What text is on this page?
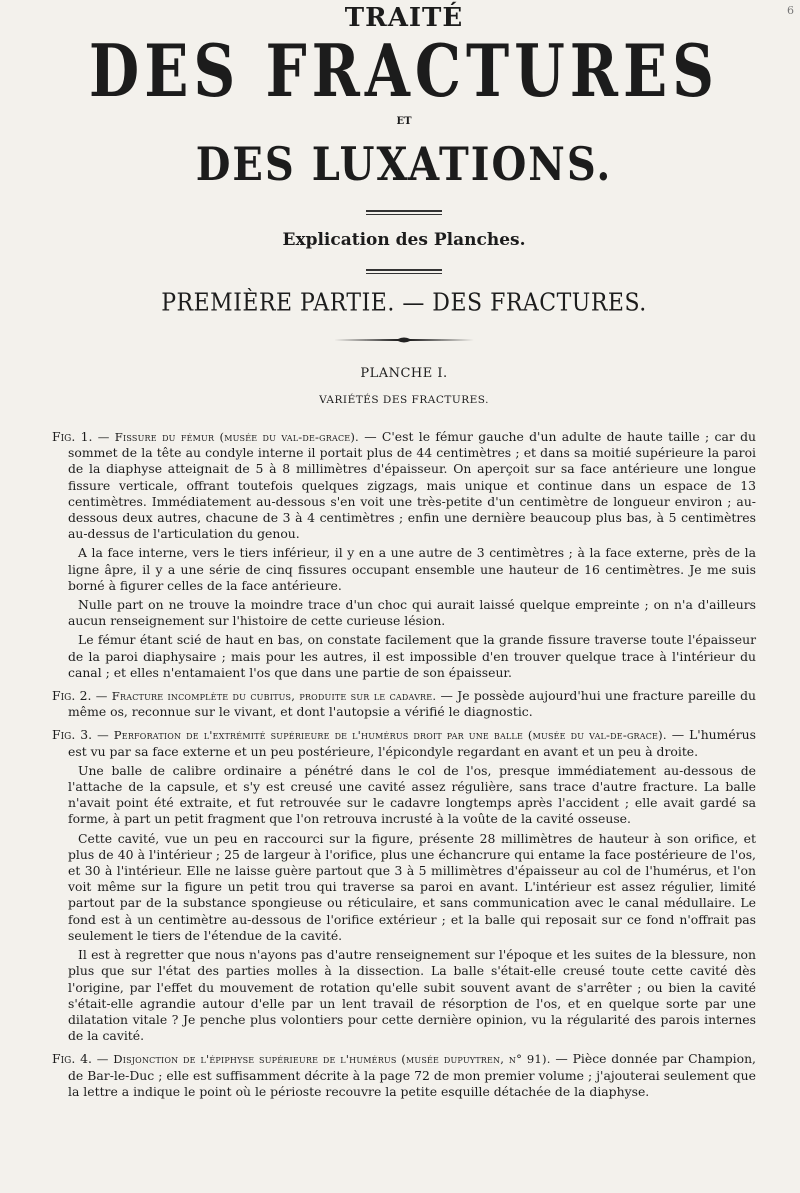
6
TRAITÉ
DES FRACTURES
ET
DES LUXATIONS.
Explication des Planches.
PREMIÈRE PARTIE. — DES FRACTURES.
PLANCHE I.
VARIÉTÉS DES FRACTURES.

Fig. 1. — Fissure du fémur (musée du val-de-grace). — C'est le fémur gauche d'un adulte de haute taille ; car du sommet de la tête au condyle interne il portait plus de 44 centimètres ; et dans sa moitié supérieure la paroi de la diaphyse atteignait de 5 à 8 millimètres d'épaisseur. On aperçoit sur sa face antérieure une longue fissure verticale, offrant toutefois quelques zigzags, mais unique et continue dans un espace de 13 centimètres. Immédiatement au-dessous s'en voit une très-petite d'un centimètre de longueur environ ; au-dessous deux autres, chacune de 3 à 4 centimètres ; enfin une dernière beaucoup plus bas, à 5 centimètres au-dessus de l'articulation du genou.

A la face interne, vers le tiers inférieur, il y en a une autre de 3 centimètres ; à la face externe, près de la ligne âpre, il y a une série de cinq fissures occupant ensemble une hauteur de 16 centimètres. Je me suis borné à figurer celles de la face antérieure.

Nulle part on ne trouve la moindre trace d'un choc qui aurait laissé quelque empreinte ; on n'a d'ailleurs aucun renseignement sur l'histoire de cette curieuse lésion.

Le fémur étant scié de haut en bas, on constate facilement que la grande fissure traverse toute l'épaisseur de la paroi diaphysaire ; mais pour les autres, il est impossible d'en trouver quelque trace à l'intérieur du canal ; et elles n'entamaient l'os que dans une partie de son épaisseur.

Fig. 2. — Fracture incomplète du cubitus, produite sur le cadavre. — Je possède aujourd'hui une fracture pareille du même os, reconnue sur le vivant, et dont l'autopsie a vérifié le diagnostic.

Fig. 3. — Perforation de l'extrémité supérieure de l'humérus droit par une balle (musée du val-de-grace). — L'humérus est vu par sa face externe et un peu postérieure, l'épicondyle regardant en avant et un peu à droite.

Une balle de calibre ordinaire a pénétré dans le col de l'os, presque immédiatement au-dessous de l'attache de la capsule, et s'y est creusé une cavité assez régulière, sans trace d'autre fracture. La balle n'avait point été extraite, et fut retrouvée sur le cadavre longtemps après l'accident ; elle avait gardé sa forme, à part un petit fragment que l'on retrouva incrusté à la voûte de la cavité osseuse.

Cette cavité, vue un peu en raccourci sur la figure, présente 28 millimètres de hauteur à son orifice, et plus de 40 à l'intérieur ; 25 de largeur à l'orifice, plus une échancrure qui entame la face postérieure de l'os, et 30 à l'intérieur. Elle ne laisse guère partout que 3 à 5 millimètres d'épaisseur au col de l'humérus, et l'on voit même sur la figure un petit trou qui traverse sa paroi en avant. L'intérieur est assez régulier, limité partout par de la substance spongieuse ou réticulaire, et sans communication avec le canal médullaire. Le fond est à un centimètre au-dessous de l'orifice extérieur ; et la balle qui reposait sur ce fond n'offrait pas seulement le tiers de l'étendue de la cavité.

Il est à regretter que nous n'ayons pas d'autre renseignement sur l'époque et les suites de la blessure, non plus que sur l'état des parties molles à la dissection. La balle s'était-elle creusé toute cette cavité dès l'origine, par l'effet du mouvement de rotation qu'elle subit souvent avant de s'arrêter ; ou bien la cavité s'était-elle agrandie autour d'elle par un lent travail de résorption de l'os, et en quelque sorte par une dilatation vitale ? Je penche plus volontiers pour cette dernière opinion, vu la régularité des parois internes de la cavité.

Fig. 4. — Disjonction de l'épiphyse supérieure de l'humérus (musée dupuytren, n° 91). — Pièce donnée par Champion, de Bar-le-Duc ; elle est suffisamment décrite à la page 72 de mon premier volume ; j'ajouterai seulement que la lettre a indique le point où le périoste recouvre la petite esquille détachée de la diaphyse.
